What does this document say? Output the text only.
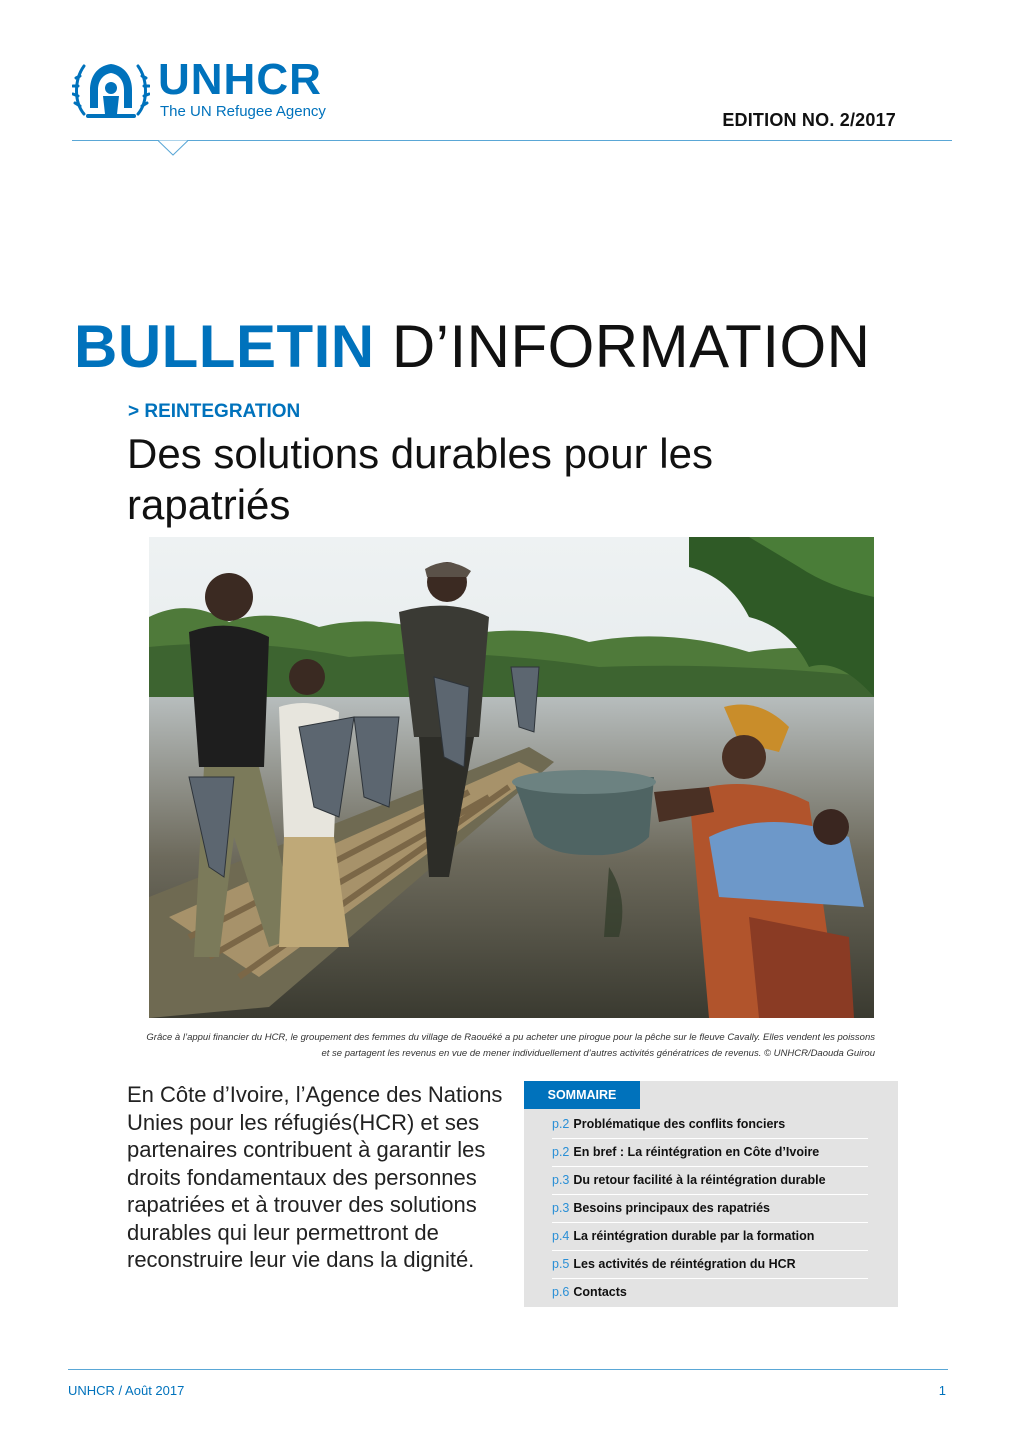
UNHCR
The UN Refugee Agency	EDITION NO. 2/2017
BULLETIN D’INFORMATION
> REINTEGRATION
Des solutions durables pour les rapatriés
Grâce à l’appui financier du HCR, le groupement des femmes du village de Raouéké a pu acheter une pirogue pour la pêche sur le fleuve Cavally. Elles vendent les poissons et se partagent les revenus en vue de mener individuellement d’autres activités génératrices de revenus. © UNHCR/Daouda Guirou

En Côte d’Ivoire, l’Agence des Nations Unies pour les réfugiés(HCR) et ses partenaires contribuent à garantir les droits fondamentaux des personnes rapatriées et à trouver des solutions durables qui leur permettront de reconstruire leur vie dans la dignité.

SOMMAIRE
p.2 Problématique des conflits fonciers
p.2 En bref : La réintégration en Côte d’Ivoire
p.3 Du retour facilité à la réintégration durable
p.3 Besoins principaux des rapatriés
p.4 La réintégration durable par la formation
p.5 Les activités de réintégration du HCR
p.6 Contacts
UNHCR / Août 2017	1
